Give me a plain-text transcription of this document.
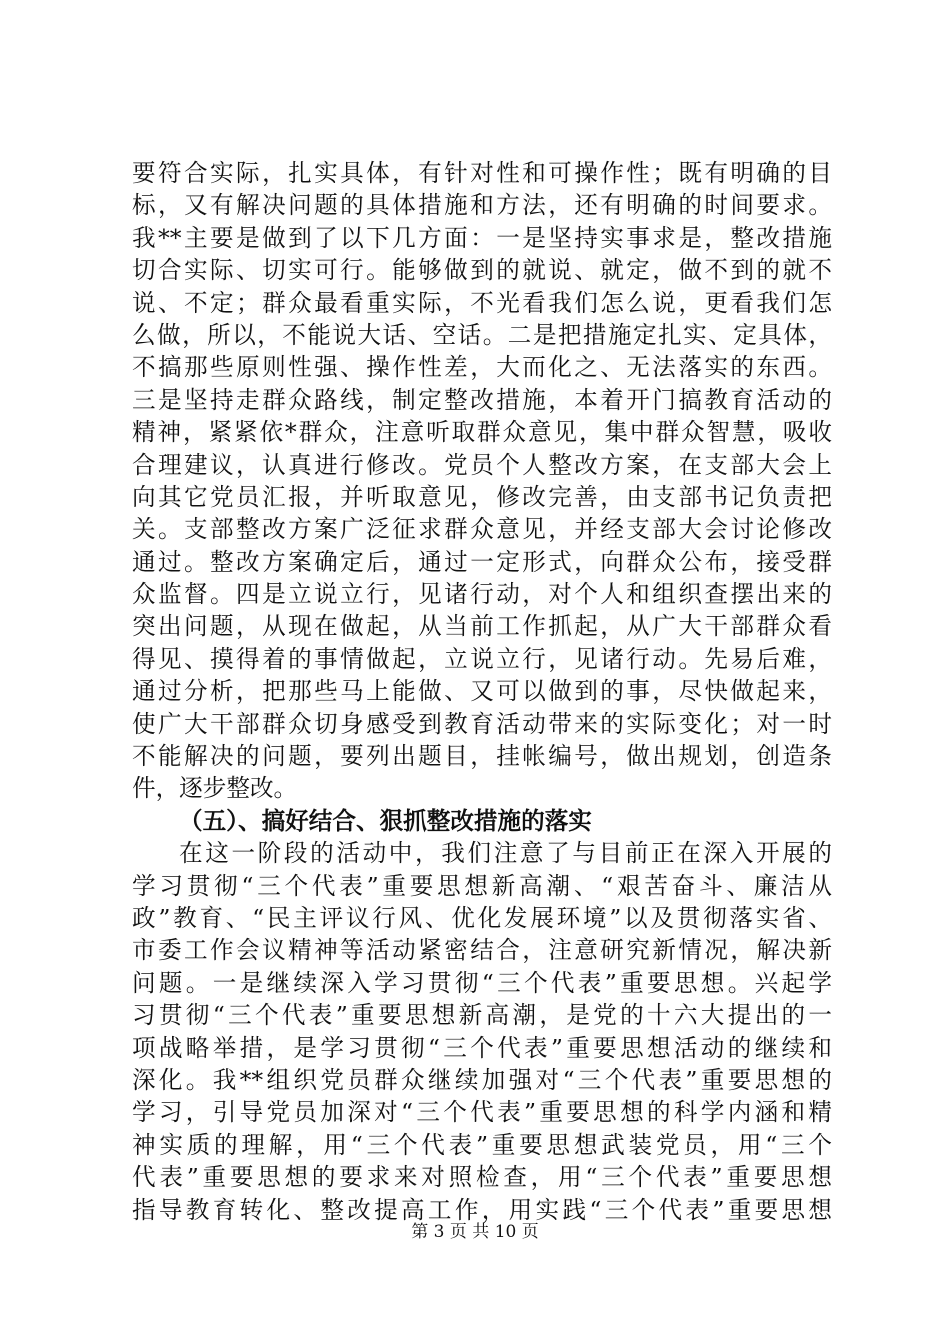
要符合实际，扎实具体，有针对性和可操作性；既有明确的目
标，又有解决问题的具体措施和方法，还有明确的时间要求。
我**主要是做到了以下几方面：一是坚持实事求是，整改措施
切合实际、切实可行。能够做到的就说、就定，做不到的就不
说、不定；群众最看重实际，不光看我们怎么说，更看我们怎
么做，所以，不能说大话、空话。二是把措施定扎实、定具体，
不搞那些原则性强、操作性差，大而化之、无法落实的东西。
三是坚持走群众路线，制定整改措施，本着开门搞教育活动的
精神，紧紧依*群众，注意听取群众意见，集中群众智慧，吸收
合理建议，认真进行修改。党员个人整改方案，在支部大会上
向其它党员汇报，并听取意见，修改完善，由支部书记负责把
关。支部整改方案广泛征求群众意见，并经支部大会讨论修改
通过。整改方案确定后，通过一定形式，向群众公布，接受群
众监督。四是立说立行，见诸行动，对个人和组织查摆出来的
突出问题，从现在做起，从当前工作抓起，从广大干部群众看
得见、摸得着的事情做起，立说立行，见诸行动。先易后难，
通过分析，把那些马上能做、又可以做到的事，尽快做起来，
使广大干部群众切身感受到教育活动带来的实际变化；对一时
不能解决的问题，要列出题目，挂帐编号，做出规划，创造条
件，逐步整改。
（五）、搞好结合、狠抓整改措施的落实
在这一阶段的活动中，我们注意了与目前正在深入开展的
学习贯彻“三个代表”重要思想新高潮、“艰苦奋斗、廉洁从
政”教育、“民主评议行风、优化发展环境”以及贯彻落实省、
市委工作会议精神等活动紧密结合，注意研究新情况，解决新
问题。一是继续深入学习贯彻“三个代表”重要思想。兴起学
习贯彻“三个代表”重要思想新高潮，是党的十六大提出的一
项战略举措，是学习贯彻“三个代表”重要思想活动的继续和
深化。我**组织党员群众继续加强对“三个代表”重要思想的
学习，引导党员加深对“三个代表”重要思想的科学内涵和精
神实质的理解，用“三个代表”重要思想武装党员，用“三个
代表”重要思想的要求来对照检查，用“三个代表”重要思想
指导教育转化、整改提高工作，用实践“三个代表”重要思想
第 3 页 共 10 页
